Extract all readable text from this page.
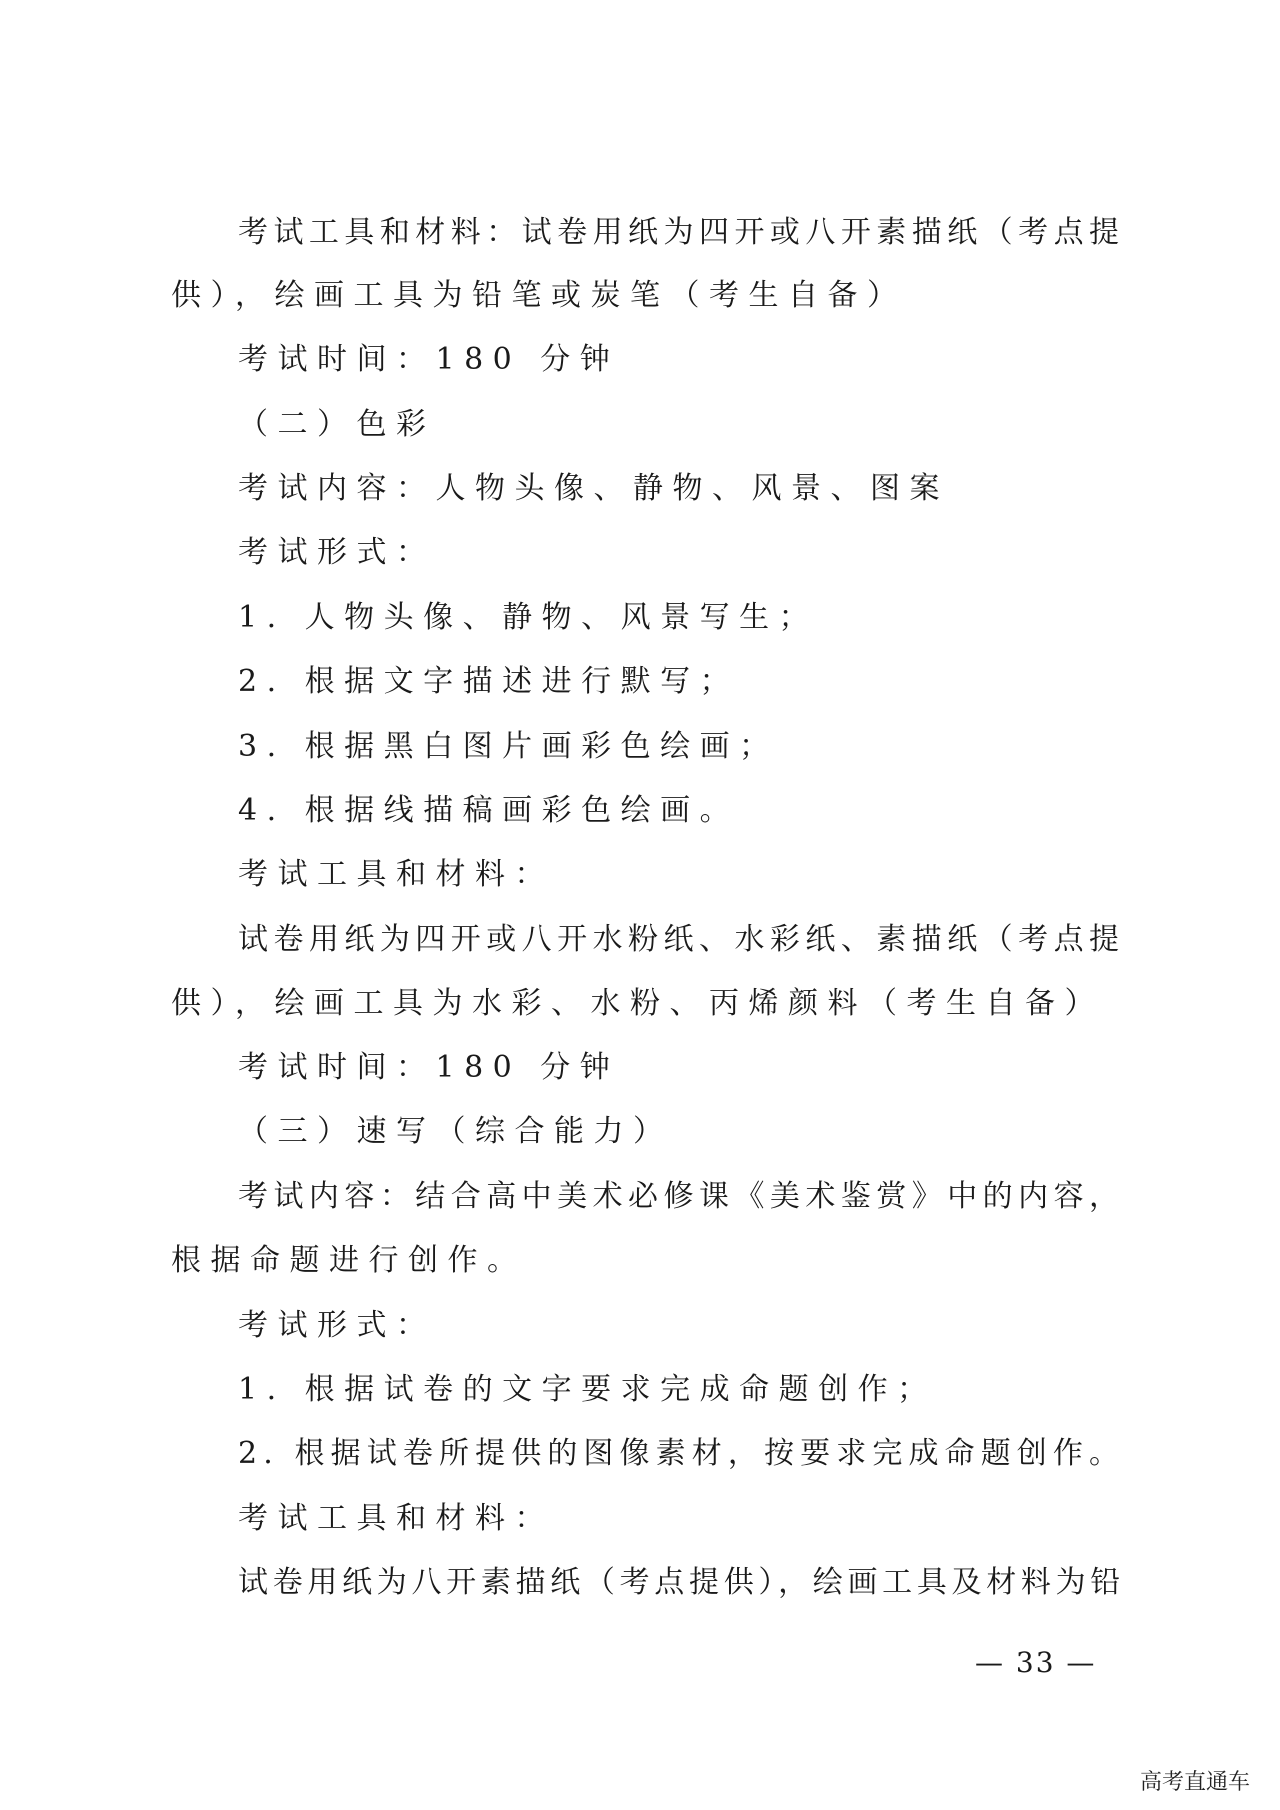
考试工具和材料：试卷用纸为四开或八开素描纸（考点提
供），绘画工具为铅笔或炭笔（考生自备）
考试时间：180 分钟
（二）色彩
考试内容：人物头像、静物、风景、图案
考试形式：
1. 人物头像、静物、风景写生；
2. 根据文字描述进行默写；
3. 根据黑白图片画彩色绘画；
4. 根据线描稿画彩色绘画。
考试工具和材料：
试卷用纸为四开或八开水粉纸、水彩纸、素描纸（考点提
供），绘画工具为水彩、水粉、丙烯颜料（考生自备）
考试时间：180 分钟
（三）速写（综合能力）
考试内容：结合高中美术必修课《美术鉴赏》中的内容，
根据命题进行创作。
考试形式：
1. 根据试卷的文字要求完成命题创作；
2. 根据试卷所提供的图像素材，按要求完成命题创作。
考试工具和材料：
试卷用纸为八开素描纸（考点提供），绘画工具及材料为铅
— 33 —
高考直通车
